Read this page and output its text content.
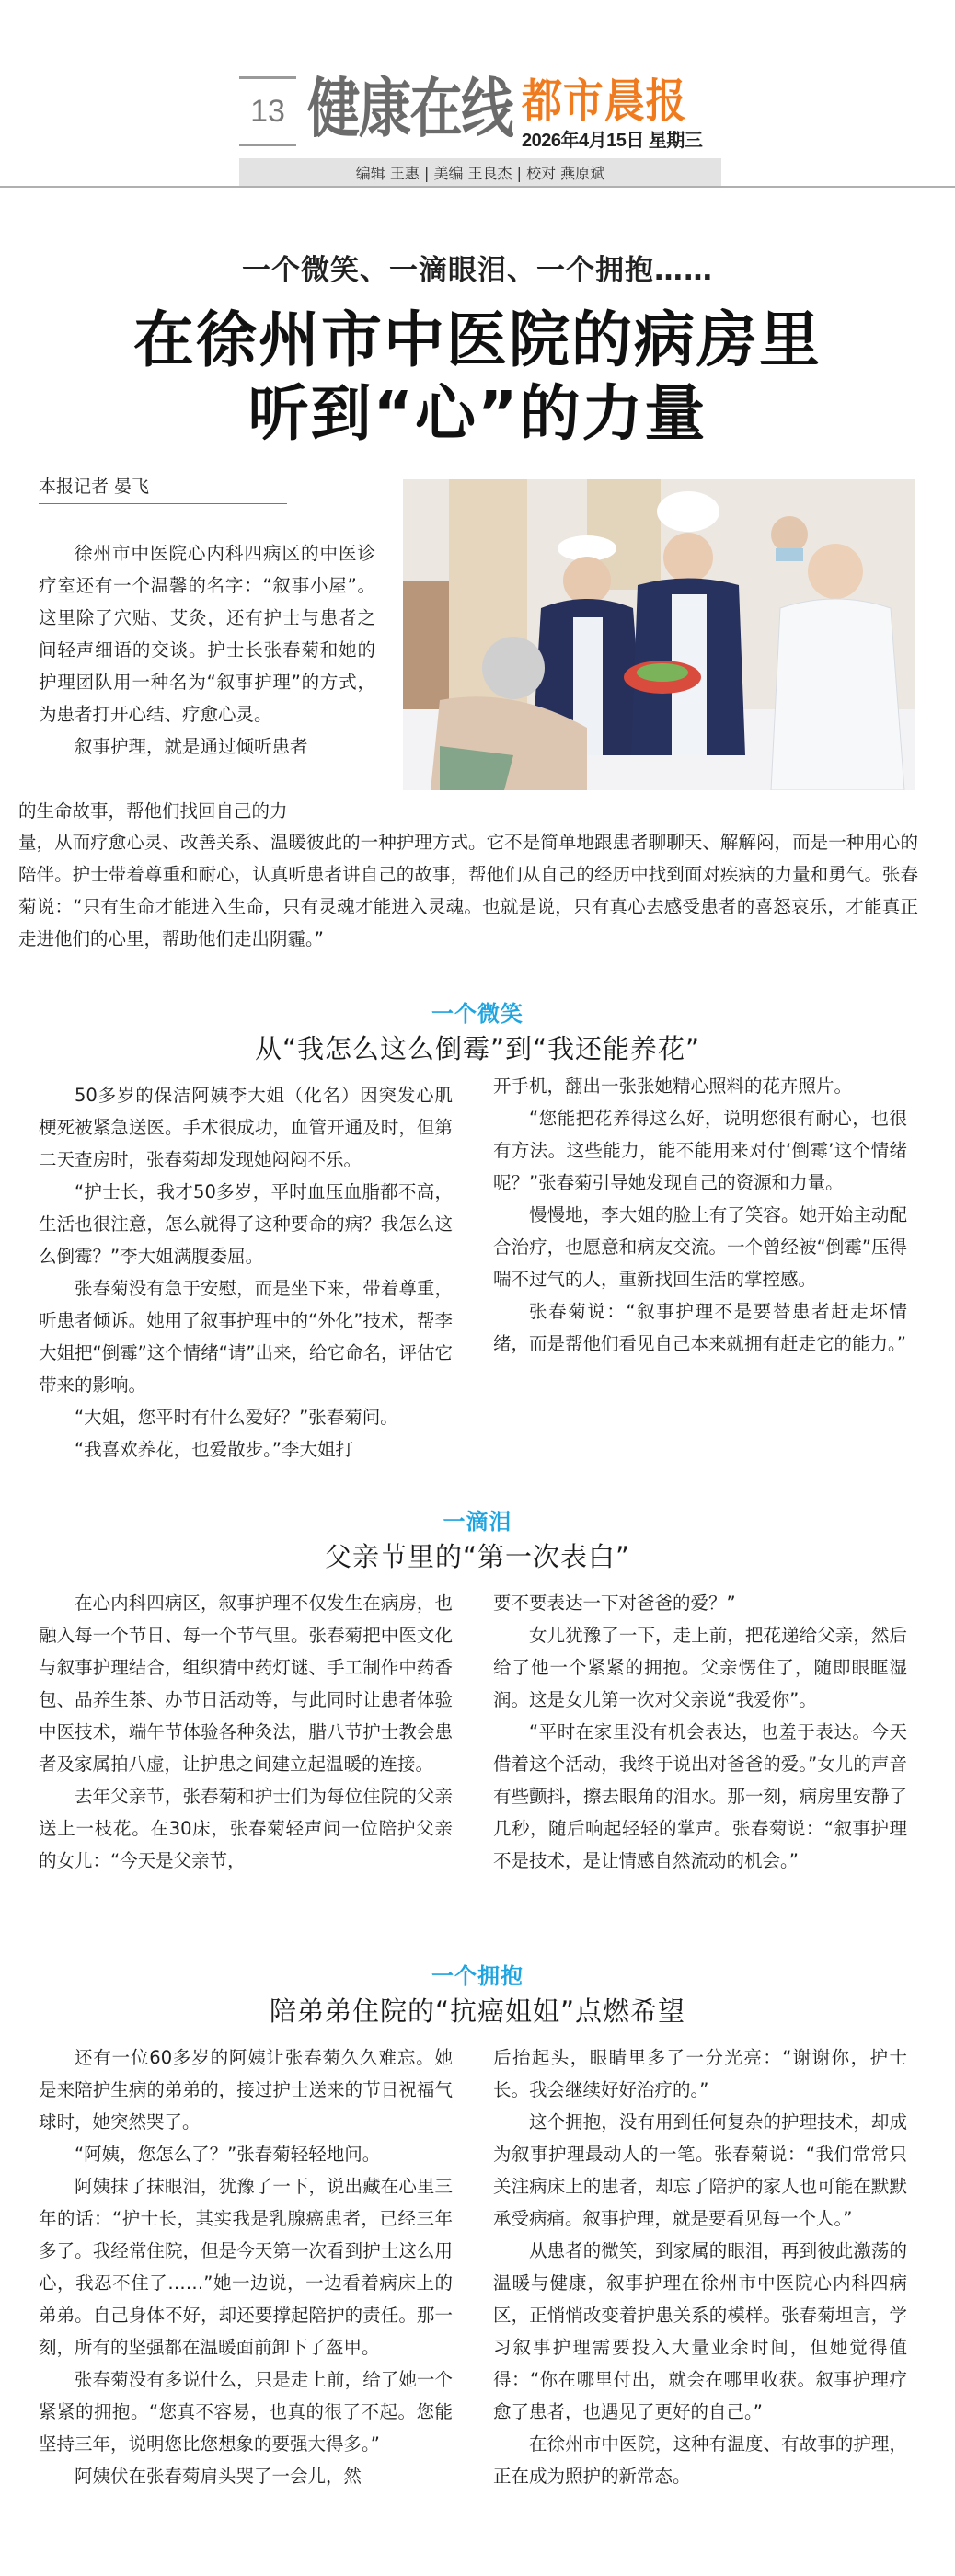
13 健康在线 都市晨报
2026年4月15日 星期三
编辑 王惠 | 美编 王良杰 | 校对 燕原斌
一个微笑、一滴眼泪、一个拥抱……
在徐州市中医院的病房里
听到“心”的力量
本报记者 晏飞

徐州市中医院心内科四病区的中医诊疗室还有一个温馨的名字：“叙事小屋”。这里除了穴贴、艾灸，还有护士与患者之间轻声细语的交谈。护士长张春菊和她的护理团队用一种名为“叙事护理”的方式，为患者打开心结、疗愈心灵。

叙事护理，就是通过倾听患者

的生命故事，帮他们找回自己的力

量，从而疗愈心灵、改善关系、温暖彼此的一种护理方式。它不是简单地跟患者聊聊天、解解闷，而是一种用心的陪伴。护士带着尊重和耐心，认真听患者讲自己的故事，帮他们从自己的经历中找到面对疾病的力量和勇气。张春菊说：“只有生命才能进入生命，只有灵魂才能进入灵魂。也就是说，只有真心去感受患者的喜怒哀乐，才能真正走进他们的心里，帮助他们走出阴霾。”

一个微笑
从“我怎么这么倒霉”到“我还能养花”

50多岁的保洁阿姨李大姐（化名）因突发心肌梗死被紧急送医。手术很成功，血管开通及时，但第二天查房时，张春菊却发现她闷闷不乐。

“护士长，我才50多岁，平时血压血脂都不高，生活也很注意，怎么就得了这种要命的病？我怎么这么倒霉？”李大姐满腹委屈。

张春菊没有急于安慰，而是坐下来，带着尊重，听患者倾诉。她用了叙事护理中的“外化”技术，帮李大姐把“倒霉”这个情绪“请”出来，给它命名，评估它带来的影响。

“大姐，您平时有什么爱好？”张春菊问。

“我喜欢养花，也爱散步。”李大姐打

开手机，翻出一张张她精心照料的花卉照片。

“您能把花养得这么好，说明您很有耐心，也很有方法。这些能力，能不能用来对付‘倒霉’这个情绪呢？”张春菊引导她发现自己的资源和力量。

慢慢地，李大姐的脸上有了笑容。她开始主动配合治疗，也愿意和病友交流。一个曾经被“倒霉”压得喘不过气的人，重新找回生活的掌控感。

张春菊说：“叙事护理不是要替患者赶走坏情绪，而是帮他们看见自己本来就拥有赶走它的能力。”

一滴泪
父亲节里的“第一次表白”

在心内科四病区，叙事护理不仅发生在病房，也融入每一个节日、每一个节气里。张春菊把中医文化与叙事护理结合，组织猜中药灯谜、手工制作中药香包、品养生茶、办节日活动等，与此同时让患者体验中医技术，端午节体验各种灸法，腊八节护士教会患者及家属拍八虚，让护患之间建立起温暖的连接。

去年父亲节，张春菊和护士们为每位住院的父亲送上一枝花。在30床，张春菊轻声问一位陪护父亲的女儿：“今天是父亲节，

要不要表达一下对爸爸的爱？”

女儿犹豫了一下，走上前，把花递给父亲，然后给了他一个紧紧的拥抱。父亲愣住了，随即眼眶湿润。这是女儿第一次对父亲说“我爱你”。

“平时在家里没有机会表达，也羞于表达。今天借着这个活动，我终于说出对爸爸的爱。”女儿的声音有些颤抖，擦去眼角的泪水。那一刻，病房里安静了几秒，随后响起轻轻的掌声。张春菊说：“叙事护理不是技术，是让情感自然流动的机会。”

一个拥抱
陪弟弟住院的“抗癌姐姐”点燃希望

还有一位60多岁的阿姨让张春菊久久难忘。她是来陪护生病的弟弟的，接过护士送来的节日祝福气球时，她突然哭了。

“阿姨，您怎么了？”张春菊轻轻地问。

阿姨抹了抹眼泪，犹豫了一下，说出藏在心里三年的话：“护士长，其实我是乳腺癌患者，已经三年多了。我经常住院，但是今天第一次看到护士这么用心，我忍不住了……”她一边说，一边看着病床上的弟弟。自己身体不好，却还要撑起陪护的责任。那一刻，所有的坚强都在温暖面前卸下了盔甲。

张春菊没有多说什么，只是走上前，给了她一个紧紧的拥抱。“您真不容易，也真的很了不起。您能坚持三年，说明您比您想象的要强大得多。”

阿姨伏在张春菊肩头哭了一会儿，然

后抬起头，眼睛里多了一分光亮：“谢谢你，护士长。我会继续好好治疗的。”

这个拥抱，没有用到任何复杂的护理技术，却成为叙事护理最动人的一笔。张春菊说：“我们常常只关注病床上的患者，却忘了陪护的家人也可能在默默承受病痛。叙事护理，就是要看见每一个人。”

从患者的微笑，到家属的眼泪，再到彼此激荡的温暖与健康，叙事护理在徐州市中医院心内科四病区，正悄悄改变着护患关系的模样。张春菊坦言，学习叙事护理需要投入大量业余时间，但她觉得值得：“你在哪里付出，就会在哪里收获。叙事护理疗愈了患者，也遇见了更好的自己。”

在徐州市中医院，这种有温度、有故事的护理，正在成为照护的新常态。
